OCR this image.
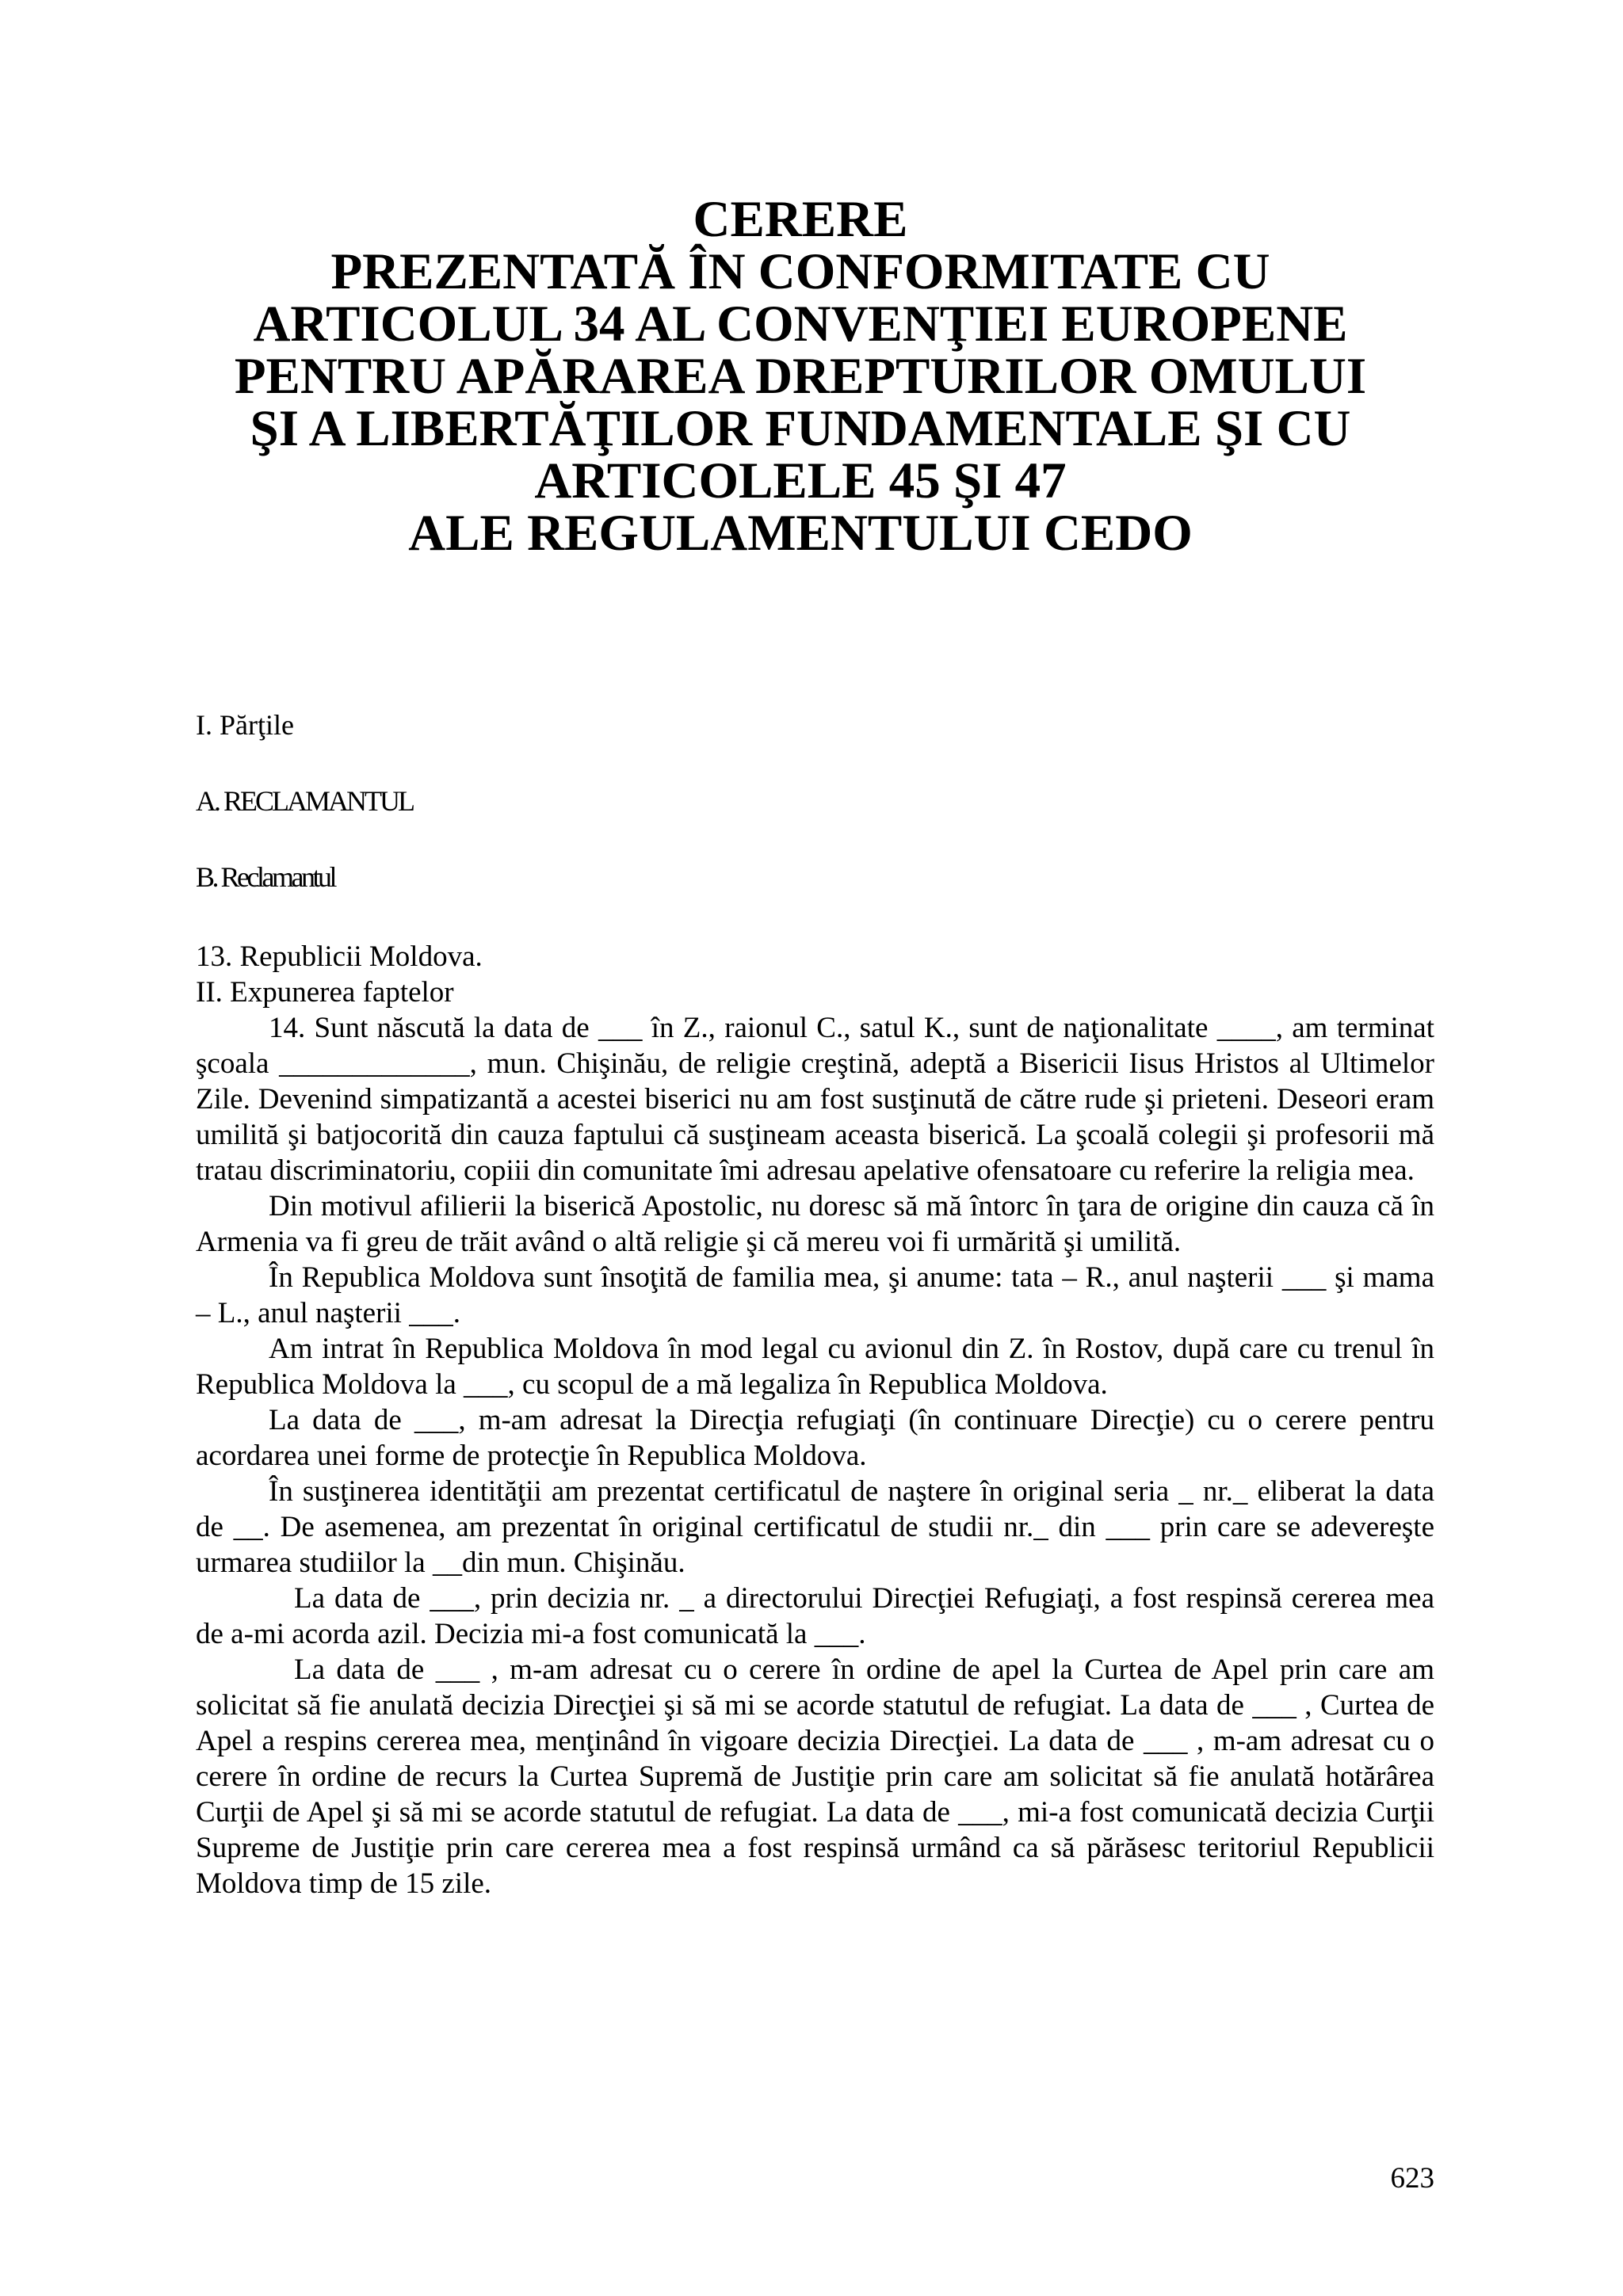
CERERE
PREZENTATĂ ÎN CONFORMITATE CU
ARTICOLUL 34 AL CONVENŢIEI EUROPENE
PENTRU APĂRAREA DREPTURILOR OMULUI
ŞI A LIBERTĂŢILOR FUNDAMENTALE ŞI CU
ARTICOLELE 45 ŞI 47
ALE REGULAMENTULUI CEDO
I. Părţile
A. RECLAMANTUL
B. Reclamantul
13. Republicii Moldova.
II. Expunerea faptelor

14. Sunt născută la data de ___ în Z., raionul C., satul K., sunt de naţionalitate ____, am terminat şcoala _____________, mun. Chişinău, de religie creştină, adeptă a Bisericii Iisus Hristos al Ultimelor Zile. Devenind simpatizantă a acestei biserici nu am fost susţinută de către rude şi prieteni. Deseori eram umilită şi batjocorită din cauza faptului că susţineam aceasta biserică. La şcoală colegii şi profesorii mă tratau discriminatoriu, copiii din comunitate îmi adresau apelative ofensatoare cu referire la religia mea.

Din motivul afilierii la biserică Apostolic, nu doresc să mă întorc în ţara de origine din cauza că în Armenia va fi greu de trăit având o altă religie şi că mereu voi fi urmărită şi umilită.

În Republica Moldova sunt însoţită de familia mea, şi anume: tata – R., anul naşterii ___ şi mama – L., anul naşterii ___.

Am intrat în Republica Moldova în mod legal cu avionul din Z. în Rostov, după care cu trenul în Republica Moldova la ___, cu scopul de a mă legaliza în Republica Moldova.

La data de ___, m-am adresat la Direcţia refugiaţi (în continuare Direcţie) cu o cerere pentru acordarea unei forme de protecţie în Republica Moldova.

În susţinerea identităţii am prezentat certificatul de naştere în original seria _ nr._ eliberat la data de __. De asemenea, am prezentat în original certificatul de studii nr._ din ___ prin care se adevereşte urmarea studiilor la __din mun. Chişinău.

La data de ___, prin decizia nr. _ a directorului Direcţiei Refugiaţi, a fost respinsă cererea mea de a-mi acorda azil. Decizia mi-a fost comunicată la ___.

La data de ___ , m-am adresat cu o cerere în ordine de apel la Curtea de Apel prin care am solicitat să fie anulată decizia Direcţiei şi să mi se acorde statutul de refugiat. La data de ___ , Curtea de Apel a respins cererea mea, menţinând în vigoare decizia Direcţiei. La data de ___ , m-am adresat cu o cerere în ordine de recurs la Curtea Supremă de Justiţie prin care am solicitat să fie anulată hotărârea Curţii de Apel şi să mi se acorde statutul de refugiat. La data de ___, mi-a fost comunicată decizia Curţii Supreme de Justiţie prin care cererea mea a fost respinsă urmând ca să părăsesc teritoriul Republicii Moldova timp de 15 zile.

623
